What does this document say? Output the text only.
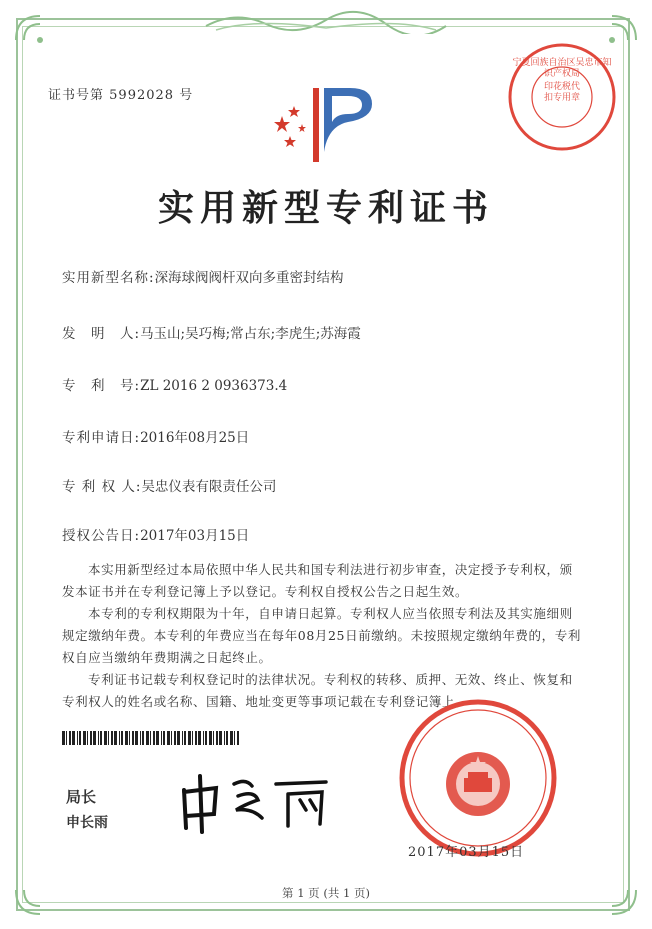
证书号第 5992028 号
宁夏回族自治区吴忠市知识产权局
印花税代扣专用章
实用新型专利证书
实用新型名称:深海球阀阀杆双向多重密封结构
发　明　人:马玉山;吴巧梅;常占东;李虎生;苏海霞
专　利　号:ZL 2016 2 0936373.4
专利申请日:2016年08月25日
专 利 权 人:吴忠仪表有限责任公司
授权公告日:2017年03月15日

本实用新型经过本局依照中华人民共和国专利法进行初步审查，决定授予专利权，颁发本证书并在专利登记簿上予以登记。专利权自授权公告之日起生效。

本专利的专利权期限为十年，自申请日起算。专利权人应当依照专利法及其实施细则规定缴纳年费。本专利的年费应当在每年08月25日前缴纳。未按照规定缴纳年费的，专利权自应当缴纳年费期满之日起终止。

专利证书记载专利权登记时的法律状况。专利权的转移、质押、无效、终止、恢复和专利权人的姓名或名称、国籍、地址变更等事项记载在专利登记簿上。

局长
申长雨
2017年03月15日
第 1 页 (共 1 页)
